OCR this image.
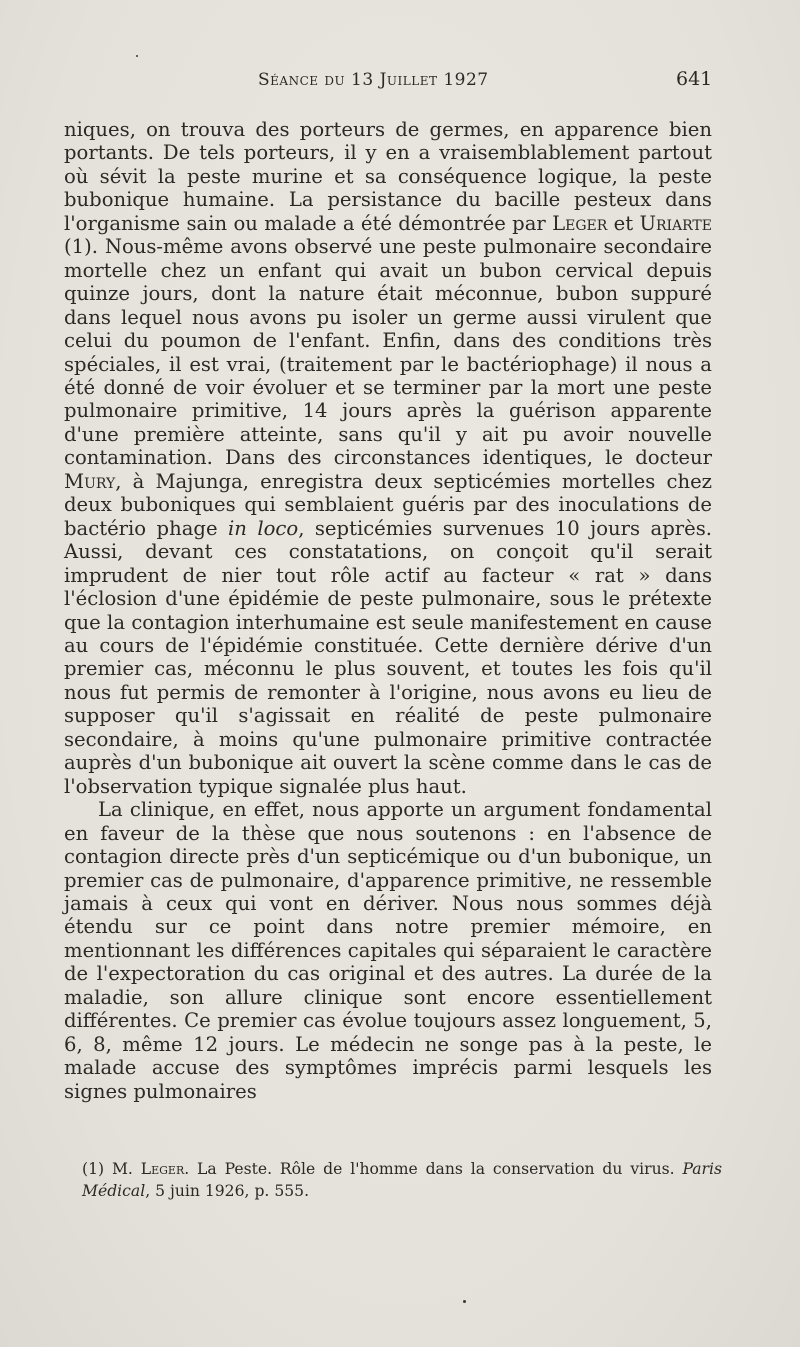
Séance du 13 Juillet 1927	641

niques, on trouva des porteurs de germes, en apparence bien portants. De tels porteurs, il y en a vraisemblablement partout où sévit la peste murine et sa conséquence logique, la peste bubonique humaine. La persistance du bacille pesteux dans l'organisme sain ou malade a été démontrée par Leger et Uriarte (1). Nous-même avons observé une peste pulmonaire secondaire mortelle chez un enfant qui avait un bubon cervical depuis quinze jours, dont la nature était méconnue, bubon suppuré dans lequel nous avons pu isoler un germe aussi virulent que celui du poumon de l'enfant. Enfin, dans des conditions très spéciales, il est vrai, (traitement par le bactériophage) il nous a été donné de voir évoluer et se terminer par la mort une peste pulmonaire primitive, 14 jours après la guérison apparente d'une première atteinte, sans qu'il y ait pu avoir nouvelle contamination. Dans des circonstances identiques, le docteur Mury, à Majunga, enregistra deux septicémies mortelles chez deux buboniques qui semblaient guéris par des inoculations de bactério phage in loco, septicémies survenues 10 jours après. Aussi, devant ces constatations, on conçoit qu'il serait imprudent de nier tout rôle actif au facteur « rat » dans l'éclosion d'une épidémie de peste pulmonaire, sous le prétexte que la contagion interhumaine est seule manifestement en cause au cours de l'épidémie constituée. Cette dernière dérive d'un premier cas, méconnu le plus souvent, et toutes les fois qu'il nous fut permis de remonter à l'origine, nous avons eu lieu de supposer qu'il s'agissait en réalité de peste pulmonaire secondaire, à moins qu'une pulmonaire primitive contractée auprès d'un bubonique ait ouvert la scène comme dans le cas de l'observation typique signalée plus haut.

La clinique, en effet, nous apporte un argument fondamental en faveur de la thèse que nous soutenons : en l'absence de contagion directe près d'un septicémique ou d'un bubonique, un premier cas de pulmonaire, d'apparence primitive, ne ressemble jamais à ceux qui vont en dériver. Nous nous sommes déjà étendu sur ce point dans notre premier mémoire, en mentionnant les différences capitales qui séparaient le caractère de l'expectoration du cas original et des autres. La durée de la maladie, son allure clinique sont encore essentiellement différentes. Ce premier cas évolue toujours assez longuement, 5, 6, 8, même 12 jours. Le médecin ne songe pas à la peste, le malade accuse des symptômes imprécis parmi lesquels les signes pulmonaires

(1) M. Leger. La Peste. Rôle de l'homme dans la conservation du virus. Paris Médical, 5 juin 1926, p. 555.
